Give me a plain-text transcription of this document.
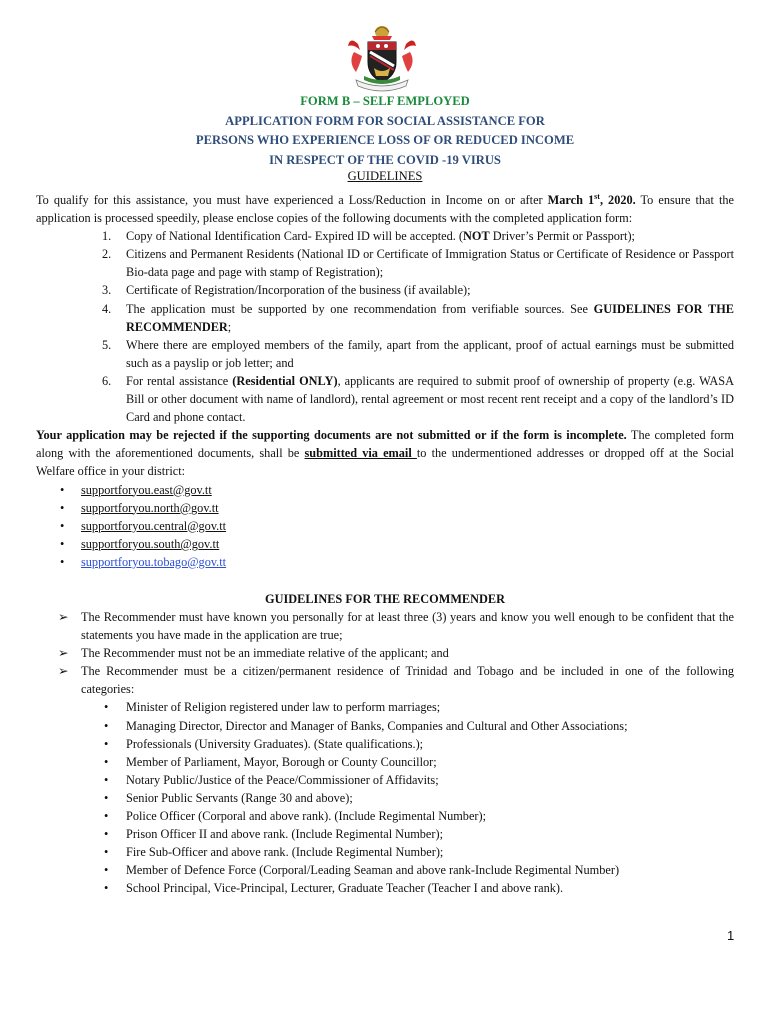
FORM B – SELF EMPLOYED
APPLICATION FORM FOR SOCIAL ASSISTANCE FOR
PERSONS WHO EXPERIENCE LOSS OF OR REDUCED INCOME
IN RESPECT OF THE COVID -19 VIRUS
GUIDELINES

To qualify for this assistance, you must have experienced a Loss/Reduction in Income on or after March 1st, 2020. To ensure that the application is processed speedily, please enclose copies of the following documents with the completed application form:

1. Copy of National Identification Card- Expired ID will be accepted. (NOT Driver’s Permit or Passport);
2. Citizens and Permanent Residents (National ID or Certificate of Immigration Status or Certificate of Residence or Passport Bio-data page and page with stamp of Registration);
3. Certificate of Registration/Incorporation of the business (if available);
4. The application must be supported by one recommendation from verifiable sources. See GUIDELINES FOR THE RECOMMENDER;
5. Where there are employed members of the family, apart from the applicant, proof of actual earnings must be submitted such as a payslip or job letter; and
6. For rental assistance (Residential ONLY), applicants are required to submit proof of ownership of property (e.g. WASA Bill or other document with name of landlord), rental agreement or most recent rent receipt and a copy of the landlord’s ID Card and phone contact.

Your application may be rejected if the supporting documents are not submitted or if the form is incomplete. The completed form along with the aforementioned documents, shall be submitted via email to the undermentioned addresses or dropped off at the Social Welfare office in your district:

• supportforyou.east@gov.tt
• supportforyou.north@gov.tt
• supportforyou.central@gov.tt
• supportforyou.south@gov.tt
• supportforyou.tobago@gov.tt
GUIDELINES FOR THE RECOMMENDER
➢ The Recommender must have known you personally for at least three (3) years and know you well enough to be confident that the statements you have made in the application are true;
➢ The Recommender must not be an immediate relative of the applicant; and
➢ The Recommender must be a citizen/permanent residence of Trinidad and Tobago and be included in one of the following categories:
• Minister of Religion registered under law to perform marriages;
• Managing Director, Director and Manager of Banks, Companies and Cultural and Other Associations;
• Professionals (University Graduates). (State qualifications.);
• Member of Parliament, Mayor, Borough or County Councillor;
• Notary Public/Justice of the Peace/Commissioner of Affidavits;
• Senior Public Servants (Range 30 and above);
• Police Officer (Corporal and above rank). (Include Regimental Number);
• Prison Officer II and above rank. (Include Regimental Number);
• Fire Sub-Officer and above rank. (Include Regimental Number);
• Member of Defence Force (Corporal/Leading Seaman and above rank-Include Regimental Number)
• School Principal, Vice-Principal, Lecturer, Graduate Teacher (Teacher I and above rank).
1
